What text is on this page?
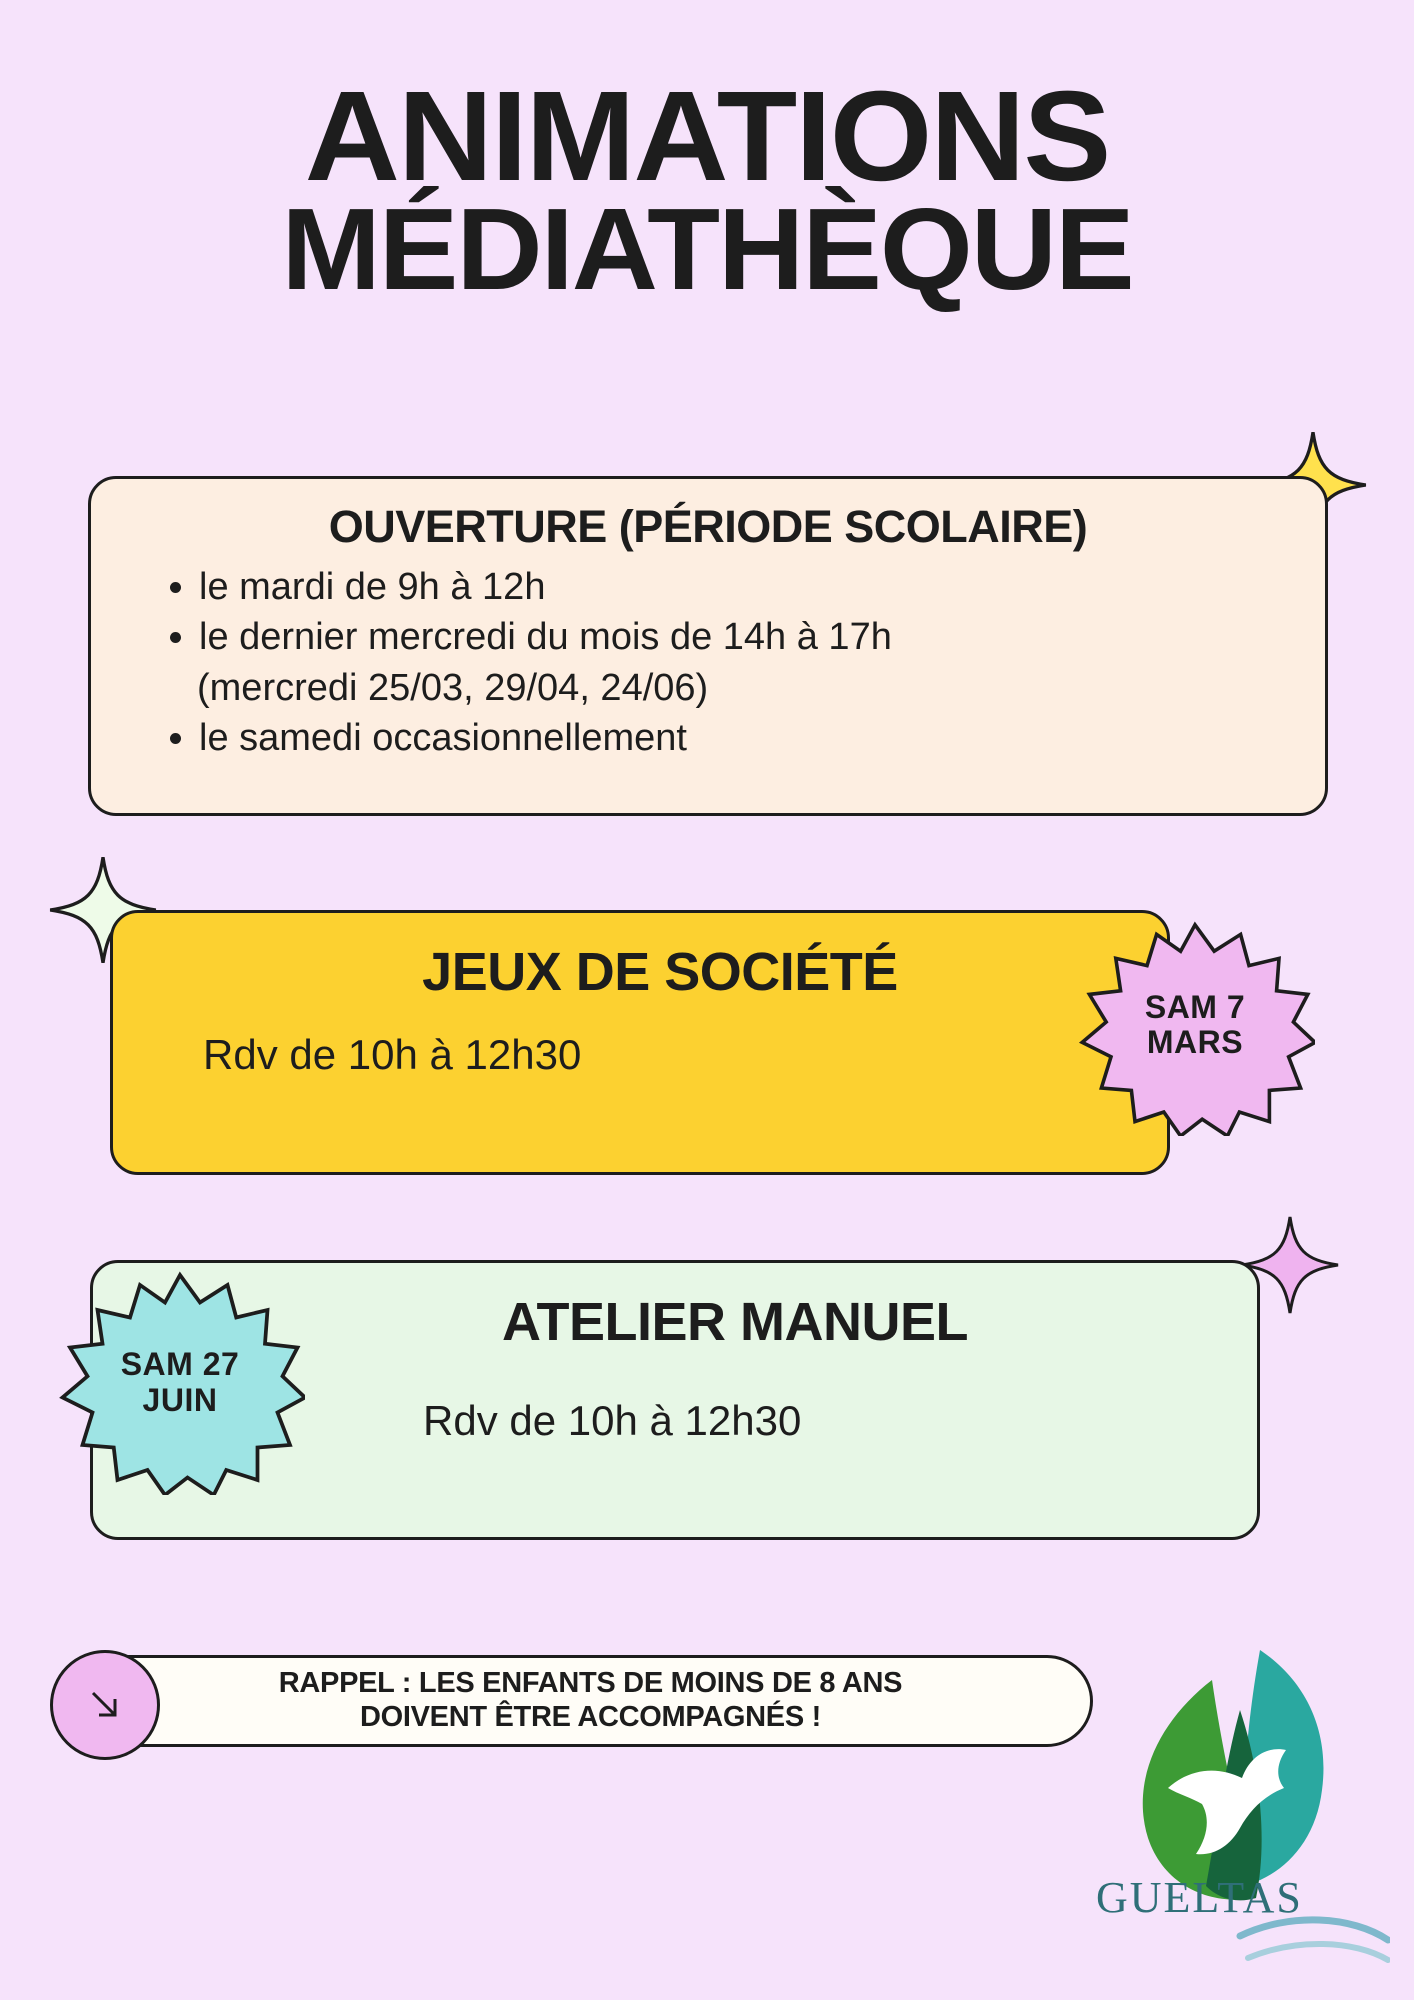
ANIMATIONS
MÉDIATHÈQUE
OUVERTURE (PÉRIODE SCOLAIRE)
• le mardi de 9h à 12h
• le dernier mercredi du mois de 14h à 17h
(mercredi 25/03, 29/04, 24/06)
• le samedi occasionnellement
JEUX DE SOCIÉTÉ
Rdv de 10h à 12h30
SAM 7
MARS
ATELIER MANUEL
Rdv de 10h à 12h30
SAM 27
JUIN
RAPPEL : LES ENFANTS DE MOINS DE 8 ANS
DOIVENT ÊTRE ACCOMPAGNÉS !
GUELTAS
